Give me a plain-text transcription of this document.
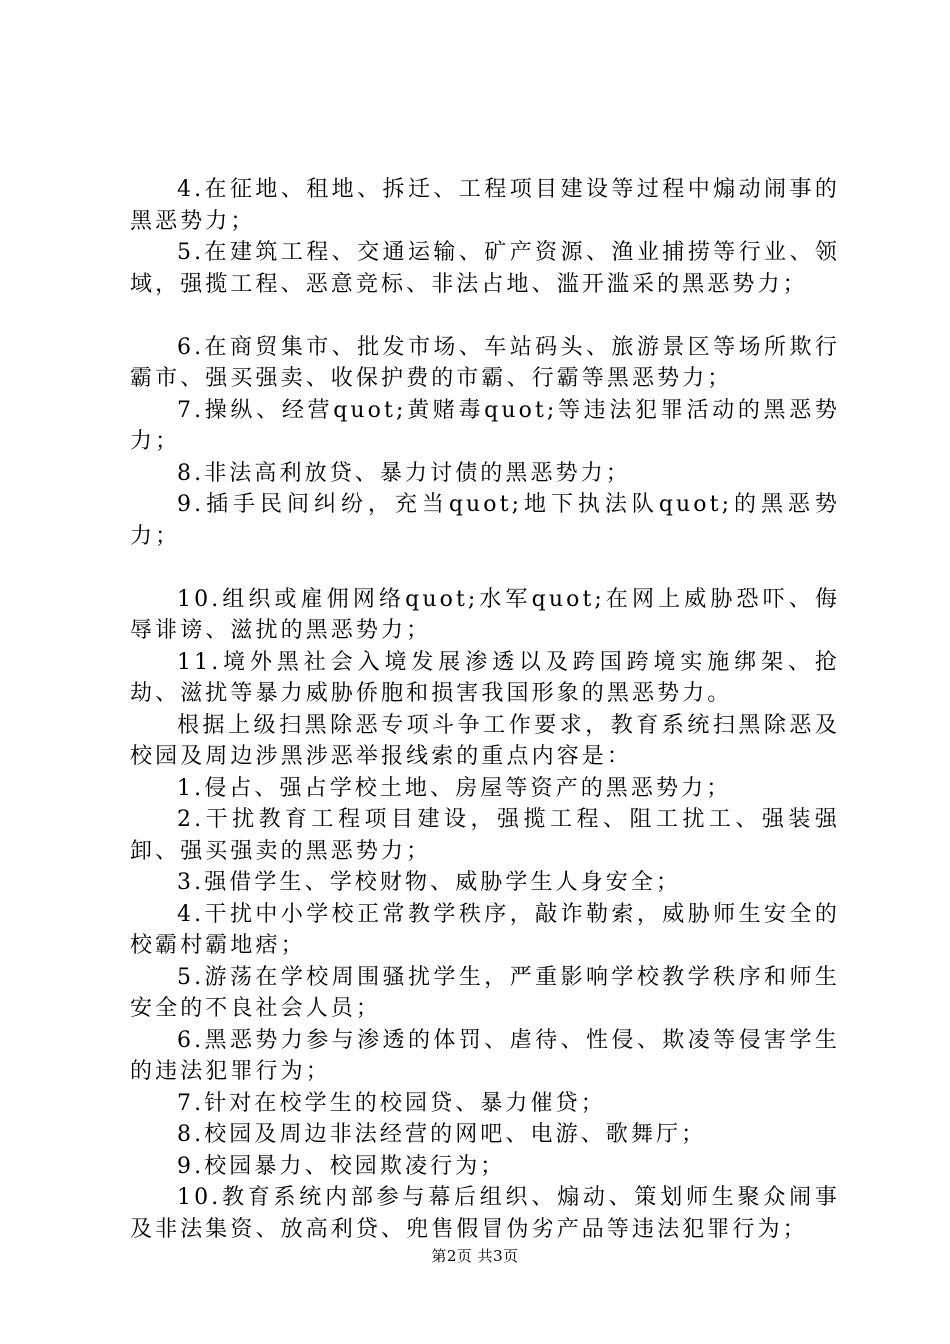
4.在征地、租地、拆迁、工程项目建设等过程中煽动闹事的黑恶势力；

5.在建筑工程、交通运输、矿产资源、渔业捕捞等行业、领域，强揽工程、恶意竞标、非法占地、滥开滥采的黑恶势力；

6.在商贸集市、批发市场、车站码头、旅游景区等场所欺行霸市、强买强卖、收保护费的市霸、行霸等黑恶势力；

7.操纵、经营quot;黄赌毒quot;等违法犯罪活动的黑恶势力；

8.非法高利放贷、暴力讨债的黑恶势力；

9.插手民间纠纷，充当quot;地下执法队quot;的黑恶势力；

10.组织或雇佣网络quot;水军quot;在网上威胁恐吓、侮辱诽谤、滋扰的黑恶势力；

11.境外黑社会入境发展渗透以及跨国跨境实施绑架、抢劫、滋扰等暴力威胁侨胞和损害我国形象的黑恶势力。

根据上级扫黑除恶专项斗争工作要求，教育系统扫黑除恶及校园及周边涉黑涉恶举报线索的重点内容是：

1.侵占、强占学校土地、房屋等资产的黑恶势力；

2.干扰教育工程项目建设，强揽工程、阻工扰工、强装强卸、强买强卖的黑恶势力；

3.强借学生、学校财物、威胁学生人身安全；

4.干扰中小学校正常教学秩序，敲诈勒索，威胁师生安全的校霸村霸地痞；

5.游荡在学校周围骚扰学生，严重影响学校教学秩序和师生安全的不良社会人员；

6.黑恶势力参与渗透的体罚、虐待、性侵、欺凌等侵害学生的违法犯罪行为；

7.针对在校学生的校园贷、暴力催贷；

8.校园及周边非法经营的网吧、电游、歌舞厅；

9.校园暴力、校园欺凌行为；

10.教育系统内部参与幕后组织、煽动、策划师生聚众闹事及非法集资、放高利贷、兜售假冒伪劣产品等违法犯罪行为；

第2页 共3页
